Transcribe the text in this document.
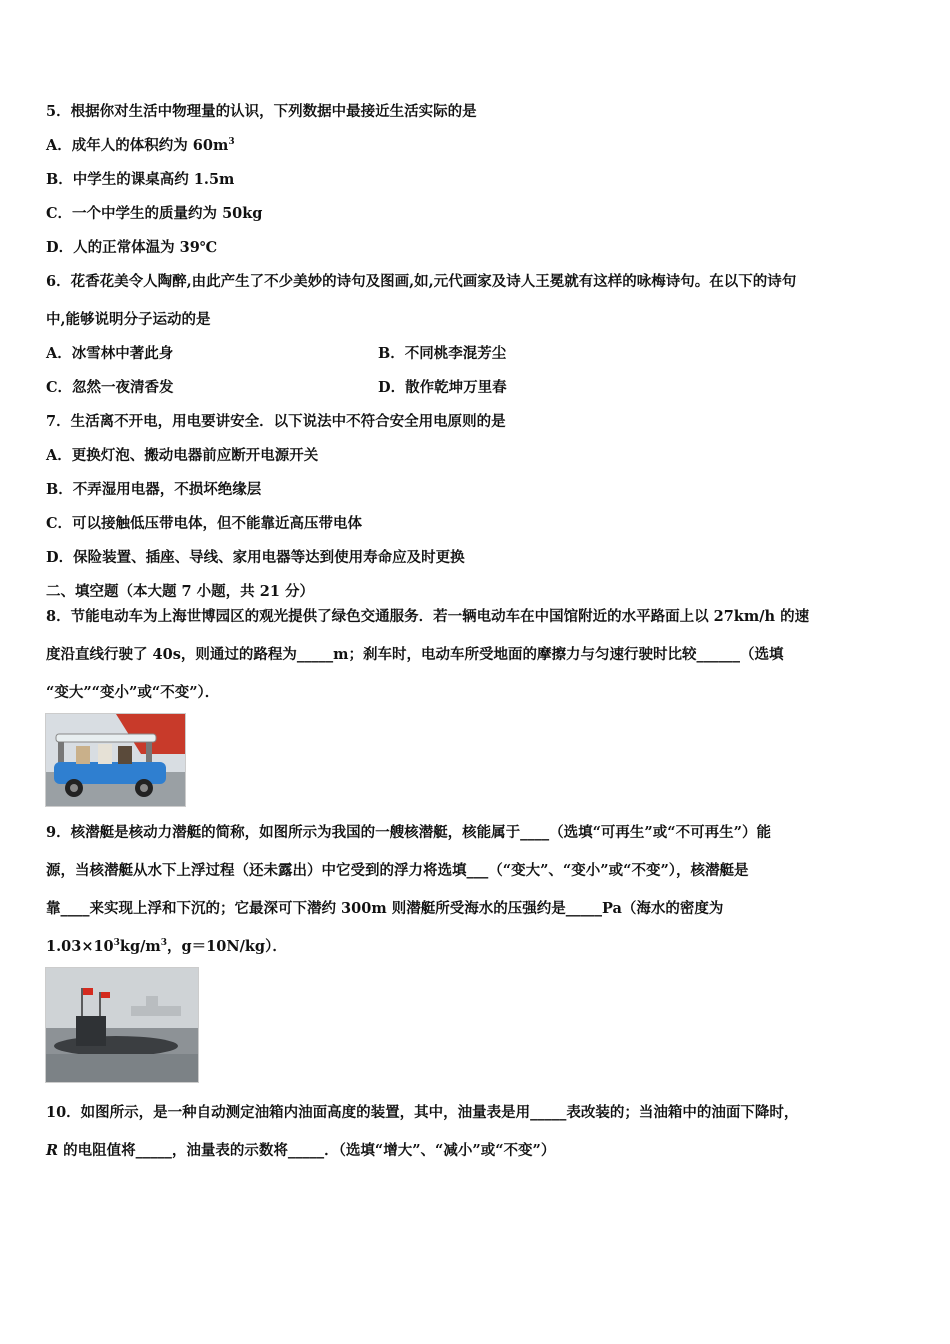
5．根据你对生活中物理量的认识，下列数据中最接近生活实际的是
A．成年人的体积约为 $60m^3$
B．中学生的课桌高约 1.5m
C．一个中学生的质量约为 50kg
D．人的正常体温为 39℃
6．花香花美令人陶醉,由此产生了不少美妙的诗句及图画,如,元代画家及诗人王冕就有这样的咏梅诗句。在以下的诗句
中,能够说明分子运动的是
A．冰雪林中著此身	B．不同桃李混芳尘
C．忽然一夜清香发	D．散作乾坤万里春
7．生活离不开电，用电要讲安全．以下说法中不符合安全用电原则的是
A．更换灯泡、搬动电器前应断开电源开关
B．不弄湿用电器，不损坏绝缘层
C．可以接触低压带电体，但不能靠近高压带电体
D．保险装置、插座、导线、家用电器等达到使用寿命应及时更换
二、填空题（本大题 7 小题，共 21 分）
8．节能电动车为上海世博园区的观光提供了绿色交通服务．若一辆电动车在中国馆附近的水平路面上以 27km/h 的速
度沿直线行驶了 40s，则通过的路程为_____m；刹车时，电动车所受地面的摩擦力与匀速行驶时比较______（选填
“变大”“变小”或“不变”）．
9．核潜艇是核动力潜艇的简称，如图所示为我国的一艘核潜艇，核能属于____（选填“可再生”或“不可再生”）能
源，当核潜艇从水下上浮过程（还未露出）中它受到的浮力将选填___（“变大”、“变小”或“不变”），核潜艇是
靠____来实现上浮和下沉的；它最深可下潜约 300m 则潜艇所受海水的压强约是_____Pa（海水的密度为
$1.03\times 10^3kg/m^3$，g＝10N/kg）．
10．如图所示，是一种自动测定油箱内油面高度的装置，其中，油量表是用_____表改装的；当油箱中的油面下降时，
R 的电阻值将_____，油量表的示数将_____．（选填“增大”、“减小”或“不变”）
